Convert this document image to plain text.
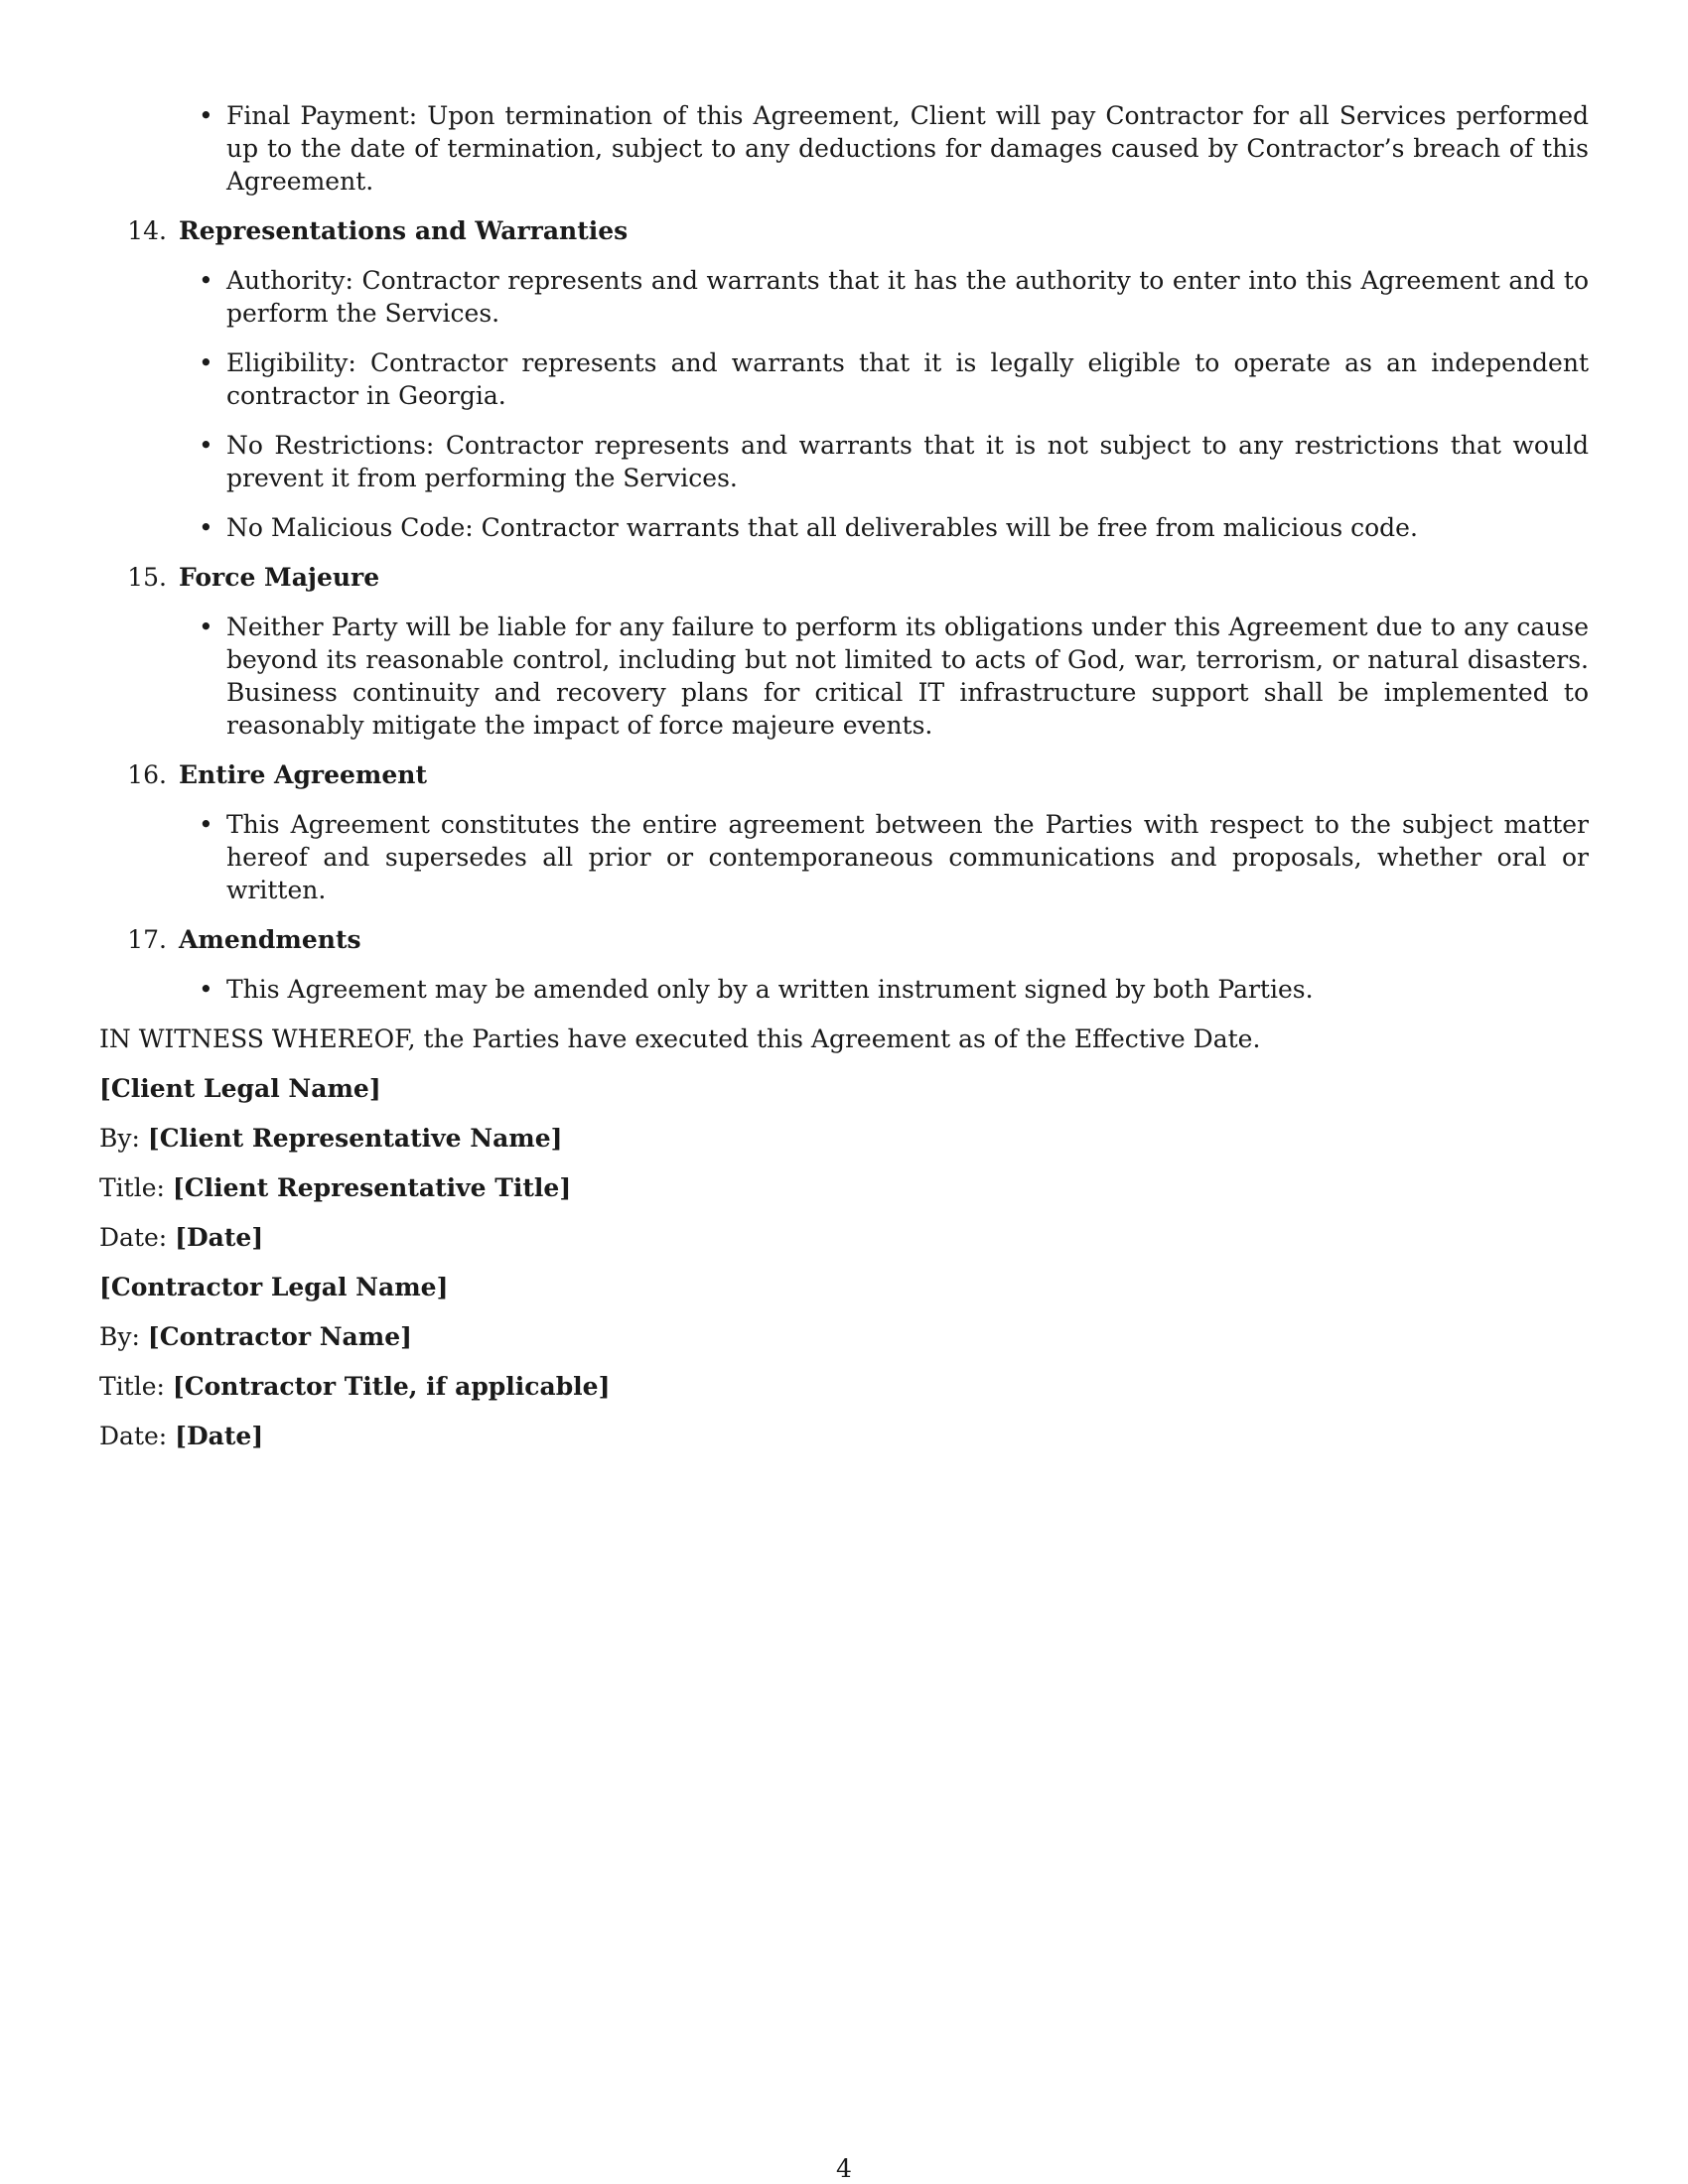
• Final Payment: Upon termination of this Agreement, Client will pay Contractor for all Services performed up to the date of termination, subject to any deductions for damages caused by Contractor’s breach of this Agreement.
14. Representations and Warranties
• Authority: Contractor represents and warrants that it has the authority to enter into this Agreement and to perform the Services.
• Eligibility: Contractor represents and warrants that it is legally eligible to operate as an independent contractor in Georgia.
• No Restrictions: Contractor represents and warrants that it is not subject to any restrictions that would prevent it from performing the Services.
• No Malicious Code: Contractor warrants that all deliverables will be free from malicious code.
15. Force Majeure
• Neither Party will be liable for any failure to perform its obligations under this Agreement due to any cause beyond its reasonable control, including but not limited to acts of God, war, terrorism, or natural disasters. Business continuity and recovery plans for critical IT infrastructure support shall be implemented to reasonably mitigate the impact of force majeure events.
16. Entire Agreement
• This Agreement constitutes the entire agreement between the Parties with respect to the subject matter hereof and supersedes all prior or contemporaneous communications and proposals, whether oral or written.
17. Amendments
• This Agreement may be amended only by a written instrument signed by both Parties.
IN WITNESS WHEREOF, the Parties have executed this Agreement as of the Effective Date.
[Client Legal Name]
By: [Client Representative Name]
Title: [Client Representative Title]
Date: [Date]
[Contractor Legal Name]
By: [Contractor Name]
Title: [Contractor Title, if applicable]
Date: [Date]
4
